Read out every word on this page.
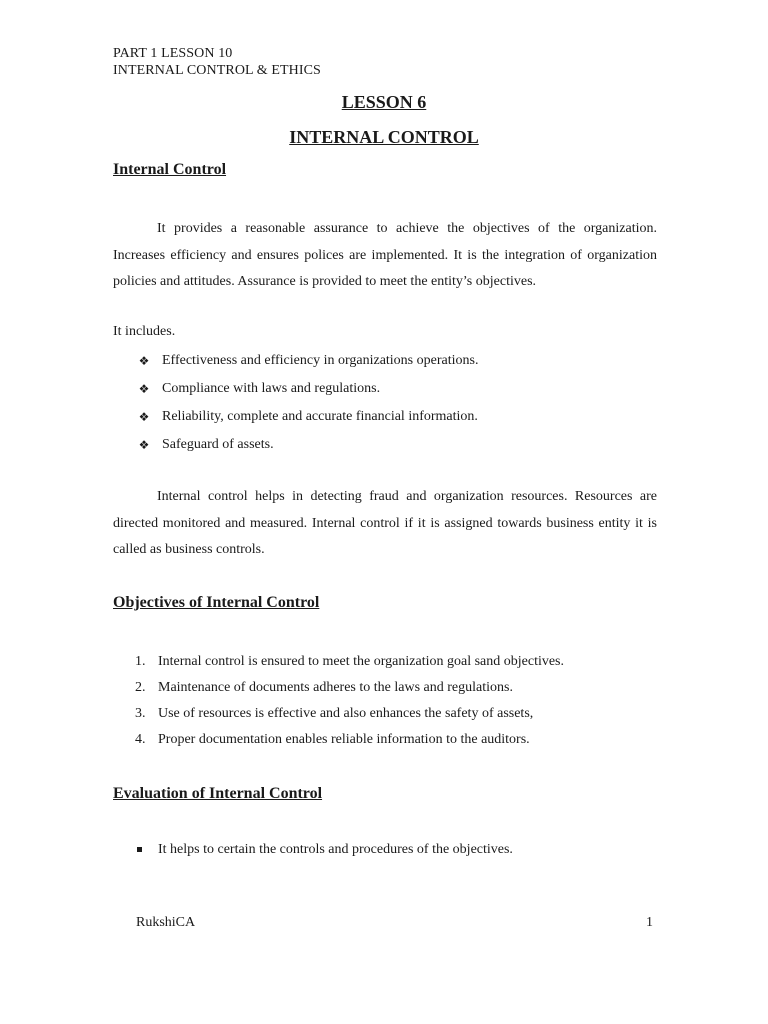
PART 1 LESSON 10
INTERNAL CONTROL & ETHICS
LESSON 6
INTERNAL CONTROL
Internal Control
It provides a reasonable assurance to achieve the objectives of the organization. Increases efficiency and ensures polices are implemented. It is the integration of organization policies and attitudes. Assurance is provided to meet the entity’s objectives.
It includes.
❖ Effectiveness and efficiency in organizations operations.
❖ Compliance with laws and regulations.
❖ Reliability, complete and accurate financial information.
❖ Safeguard of assets.
Internal control helps in detecting fraud and organization resources. Resources are directed monitored and measured. Internal control if it is assigned towards business entity it is called as business controls.
Objectives of Internal Control
1. Internal control is ensured to meet the organization goal sand objectives.
2. Maintenance of documents adheres to the laws and regulations.
3. Use of resources is effective and also enhances the safety of assets,
4. Proper documentation enables reliable information to the auditors.
Evaluation of Internal Control
It helps to certain the controls and procedures of the objectives.
RukshiCA	1
